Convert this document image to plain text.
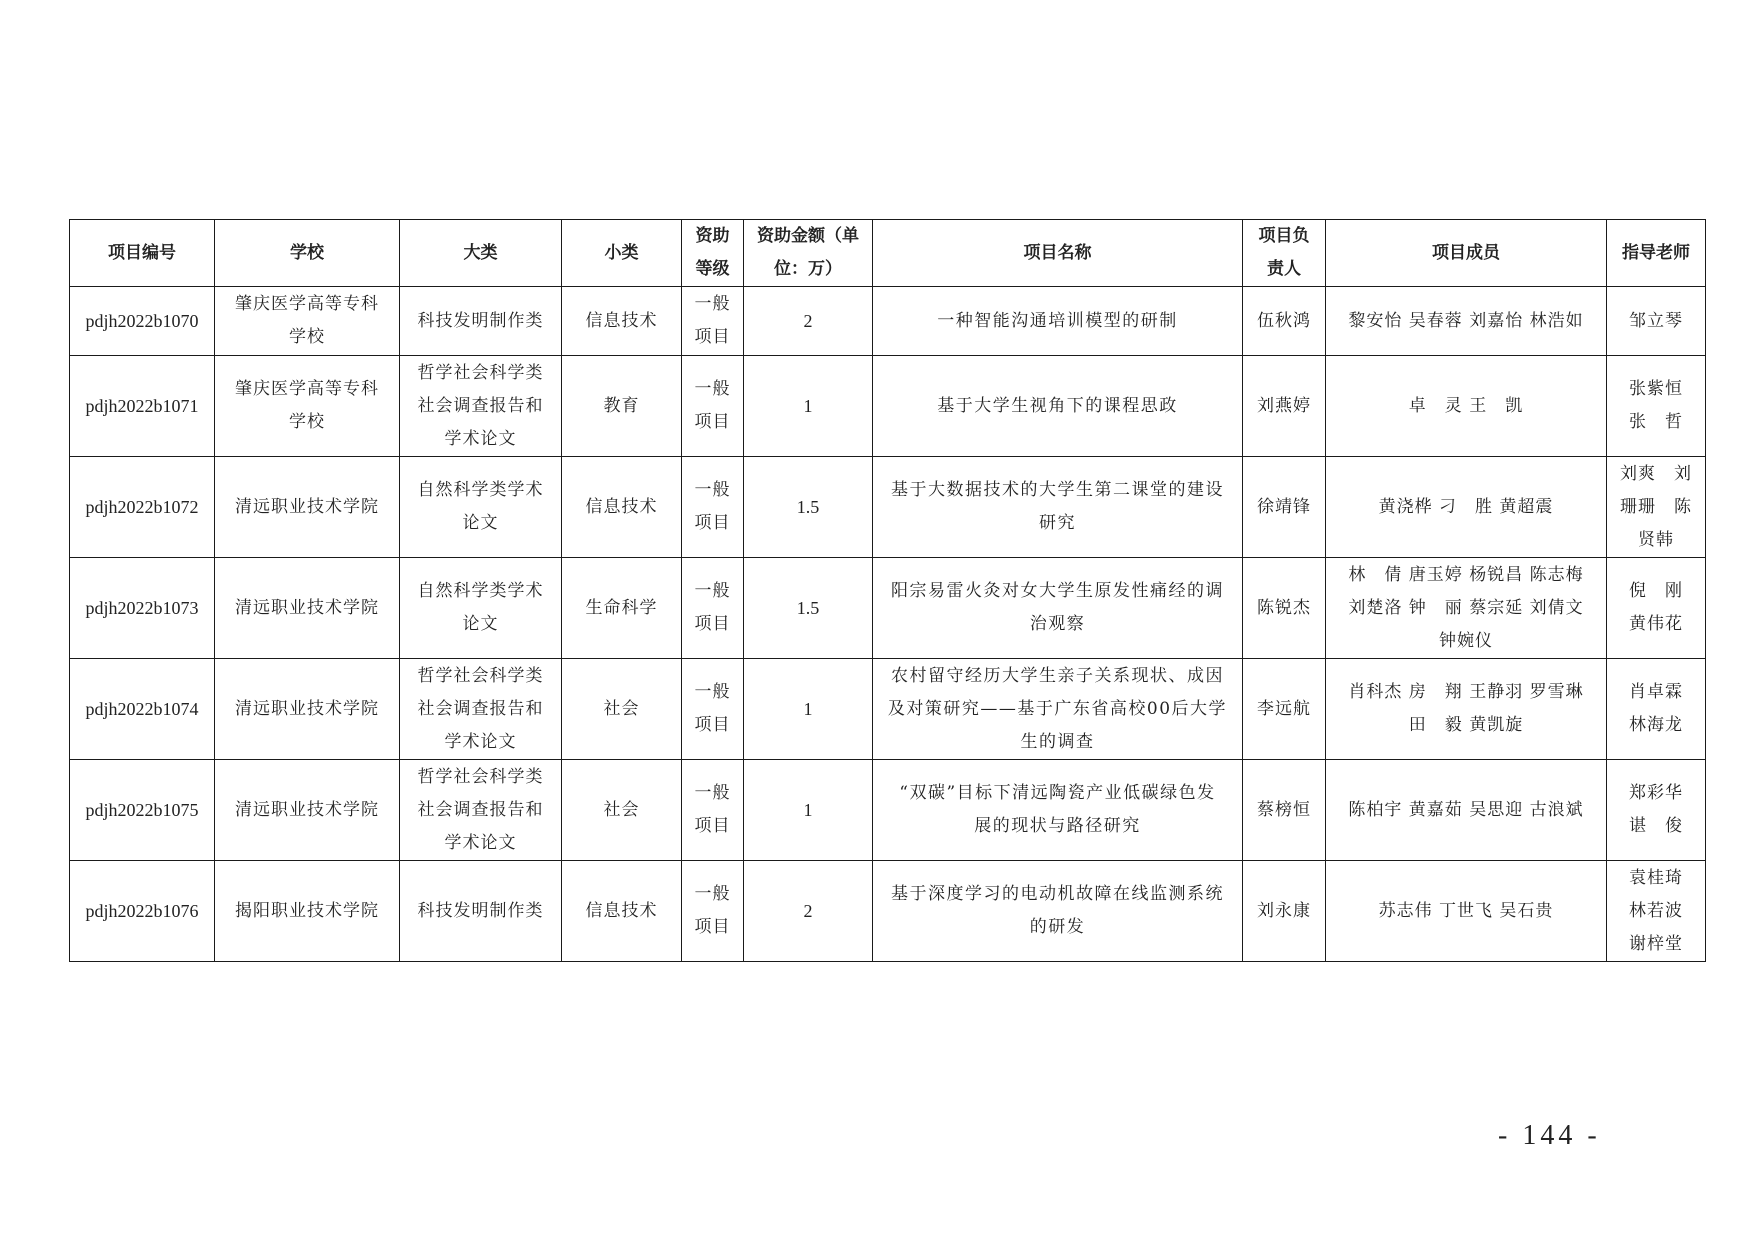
项目编号	学校	大类	小类	资助等级	资助金额（单位：万）	项目名称	项目负责人	项目成员	指导老师
pdjh2022b1070	肇庆医学高等专科
学校	科技发明制作类	信息技术	一般
项目	2	一种智能沟通培训模型的研制	伍秋鸿	黎安怡 吴春蓉 刘嘉怡 林浩如	邹立琴

pdjh2022b1071	肇庆医学高等专科
学校	哲学社会科学类
社会调查报告和
学术论文	教育	一般
项目	1	基于大学生视角下的课程思政	刘燕婷	卓　灵 王　凯	张紫恒
张　哲

pdjh2022b1072	清远职业技术学院	自然科学类学术
论文	信息技术	一般
项目	1.5	基于大数据技术的大学生第二课堂的建设
研究	徐靖锋	黄浇桦 刁　胜 黄超震	刘爽　刘
珊珊　陈
贤韩

pdjh2022b1073	清远职业技术学院	自然科学类学术
论文	生命科学	一般
项目	1.5	阳宗易雷火灸对女大学生原发性痛经的调
治观察	陈锐杰	林　倩 唐玉婷 杨锐昌 陈志梅
刘楚洛 钟　丽 蔡宗延 刘倩文
钟婉仪	倪　刚
黄伟花

pdjh2022b1074	清远职业技术学院	哲学社会科学类
社会调查报告和
学术论文	社会	一般
项目	1	农村留守经历大学生亲子关系现状、成因
及对策研究——基于广东省高校00后大学
生的调查	李远航	肖科杰 房　翔 王静羽 罗雪琳
田　毅 黄凯旋	肖卓霖
林海龙

pdjh2022b1075	清远职业技术学院	哲学社会科学类
社会调查报告和
学术论文	社会	一般
项目	1	“双碳”目标下清远陶瓷产业低碳绿色发
展的现状与路径研究	蔡榜恒	陈柏宇 黄嘉茹 吴思迎 古浪斌	郑彩华
谌　俊

pdjh2022b1076	揭阳职业技术学院	科技发明制作类	信息技术	一般
项目	2	基于深度学习的电动机故障在线监测系统
的研发	刘永康	苏志伟 丁世飞 吴石贵	袁桂琦
林若波
谢梓堂
- 144 -
